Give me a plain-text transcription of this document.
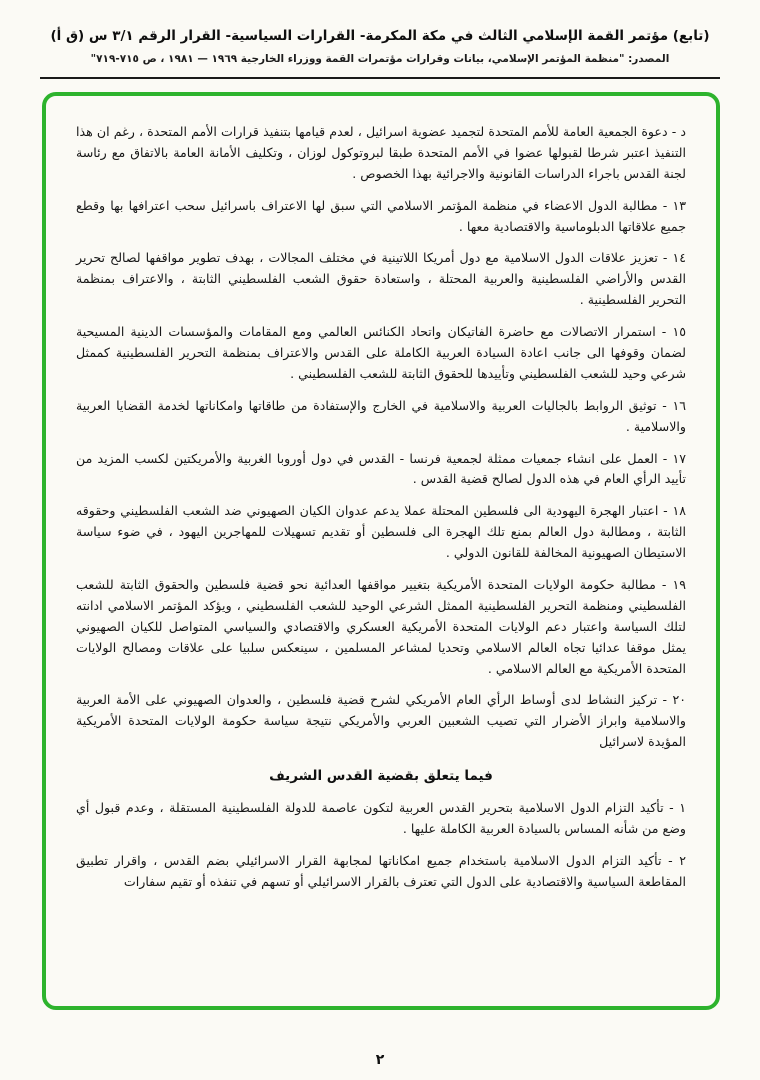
(تابع) مؤتمر القمة الإسلامي الثالث في مكة المكرمة- القرارات السياسية- القرار الرقم ٣/١ س (ق أ)
المصدر: "منظمة المؤتمر الإسلامي، بيانات وقرارات مؤتمرات القمة ووزراء الخارجية ١٩٦٩ — ١٩٨١ ، ص ٧١٥-٧١٩"

د - دعوة الجمعية العامة للأمم المتحدة لتجميد عضوية اسرائيل ، لعدم قيامها بتنفيذ قرارات الأمم المتحدة ، رغم ان هذا التنفيذ اعتبر شرطا لقبولها عضوا في الأمم المتحدة طبقا لبروتوكول لوزان ، وتكليف الأمانة العامة بالاتفاق مع رئاسة لجنة القدس باجراء الدراسات القانونية والاجرائية بهذا الخصوص .

١٣ - مطالبة الدول الاعضاء في منظمة المؤتمر الاسلامي التي سبق لها الاعتراف باسرائيل سحب اعترافها بها وقطع جميع علاقاتها الدبلوماسية والاقتصادية معها .

١٤ - تعزيز علاقات الدول الاسلامية مع دول أمريكا اللاتينية في مختلف المجالات ، بهدف تطوير مواقفها لصالح تحرير القدس والأراضي الفلسطينية والعربية المحتلة ، واستعادة حقوق الشعب الفلسطيني الثابتة ، والاعتراف بمنظمة التحرير الفلسطينية .

١٥ - استمرار الاتصالات مع حاضرة الفاتيكان واتحاد الكنائس العالمي ومع المقامات والمؤسسات الدينية المسيحية لضمان وقوفها الى جانب اعادة السيادة العربية الكاملة على القدس والاعتراف بمنظمة التحرير الفلسطينية كممثل شرعي وحيد للشعب الفلسطيني وتأييدها للحقوق الثابتة للشعب الفلسطيني .

١٦ - توثيق الروابط بالجاليات العربية والاسلامية في الخارج والإستفادة من طاقاتها وامكاناتها لخدمة القضايا العربية والاسلامية .

١٧ - العمل على انشاء جمعيات ممثلة لجمعية فرنسا - القدس في دول أوروبا الغربية والأمريكتين لكسب المزيد من تأييد الرأي العام في هذه الدول لصالح قضية القدس .

١٨ - اعتبار الهجرة اليهودية الى فلسطين المحتلة عملا يدعم عدوان الكيان الصهيوني ضد الشعب الفلسطيني وحقوقه الثابتة ، ومطالبة دول العالم بمنع تلك الهجرة الى فلسطين أو تقديم تسهيلات للمهاجرين اليهود ، في ضوء سياسة الاستيطان الصهيونية المخالفة للقانون الدولي .

١٩ - مطالبة حكومة الولايات المتحدة الأمريكية بتغيير مواقفها العدائية نحو قضية فلسطين والحقوق الثابتة للشعب الفلسطيني ومنظمة التحرير الفلسطينية الممثل الشرعي الوحيد للشعب الفلسطيني ، ويؤكد المؤتمر الاسلامي ادانته لتلك السياسة واعتبار دعم الولايات المتحدة الأمريكية العسكري والاقتصادي والسياسي المتواصل للكيان الصهيوني يمثل موقفا عدائيا تجاه العالم الاسلامي وتحديا لمشاعر المسلمين ، سينعكس سلبيا على علاقات ومصالح الولايات المتحدة الأمريكية مع العالم الاسلامي .

٢٠ - تركيز النشاط لدى أوساط الرأي العام الأمريكي لشرح قضية فلسطين ، والعدوان الصهيوني على الأمة العربية والاسلامية وابراز الأضرار التي تصيب الشعبين العربي والأمريكي نتيجة سياسة حكومة الولايات المتحدة الأمريكية المؤيدة لاسرائيل

فيما يتعلق بقضية القدس الشريف

١ - تأكيد التزام الدول الاسلامية بتحرير القدس العربية لتكون عاصمة للدولة الفلسطينية المستقلة ، وعدم قبول أي وضع من شأنه المساس بالسيادة العربية الكاملة عليها .

٢ - تأكيد التزام الدول الاسلامية باستخدام جميع امكاناتها لمجابهة القرار الاسرائيلي بضم القدس ، واقرار تطبيق المقاطعة السياسية والاقتصادية على الدول التي تعترف بالقرار الاسرائيلي أو تسهم في تنفذه أو تقيم سفارات

٢
